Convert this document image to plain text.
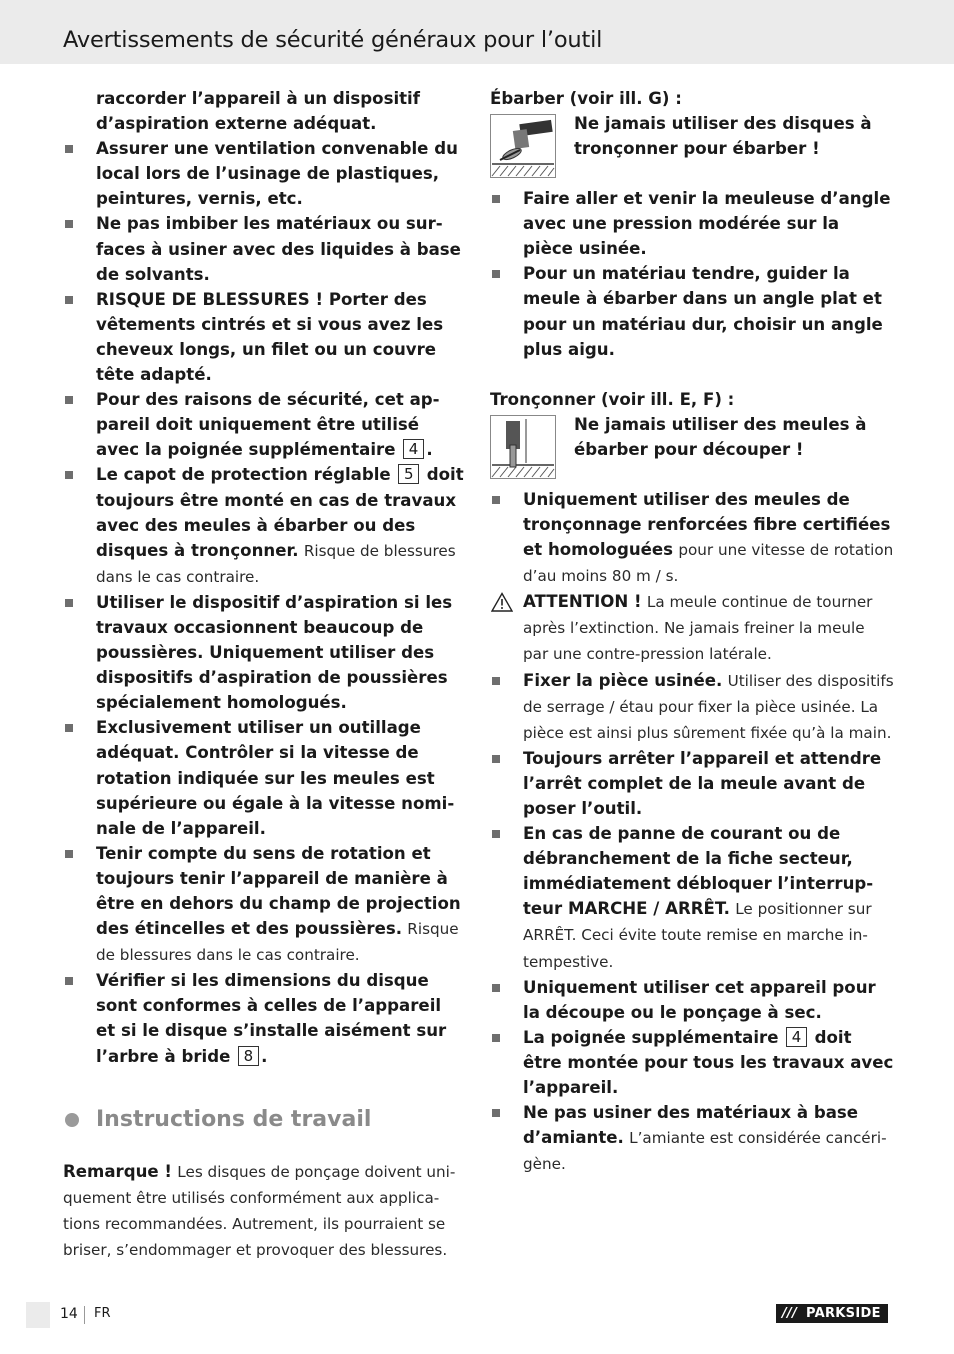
Avertissements de sécurité généraux pour l’outil
raccorder l’appareil à un dispositif d’aspiration externe adéquat.
Assurer une ventilation convenable du local lors de l’usinage de plastiques, peintures, vernis, etc.
Ne pas imbiber les matériaux ou sur-faces à usiner avec des liquides à base de solvants.
RISQUE DE BLESSURES ! Porter des vêtements cintrés et si vous avez les cheveux longs, un filet ou un couvre tête adapté.
Pour des raisons de sécurité, cet ap-pareil doit uniquement être utilisé avec la poignée supplémentaire 4 .
Le capot de protection réglable 5 doit toujours être monté en cas de travaux avec des meules à ébarber ou des disques à tronçonner. Risque de blessures dans le cas contraire.
Utiliser le dispositif d’aspiration si les travaux occasionnent beaucoup de poussières. Uniquement utiliser des dispositifs d’aspiration de poussières spécialement homologués.
Exclusivement utiliser un outillage adéquat. Contrôler si la vitesse de rotation indiquée sur les meules est supérieure ou égale à la vitesse nomi-nale de l’appareil.
Tenir compte du sens de rotation et toujours tenir l’appareil de manière à être en dehors du champ de projection des étincelles et des poussières. Risque de blessures dans le cas contraire.
Vérifier si les dimensions du disque sont conformes à celles de l’appareil et si le disque s’installe aisément sur l’arbre à bride 8 .
Instructions de travail
Remarque ! Les disques de ponçage doivent uni-quement être utilisés conformément aux applica-tions recommandées. Autrement, ils pourraient se briser, s’endommager et provoquer des blessures.
Ébarber (voir ill. G) :
Ne jamais utiliser des disques à tronçonner pour ébarber !
Faire aller et venir la meuleuse d’angle avec une pression modérée sur la pièce usinée.
Pour un matériau tendre, guider la meule à ébarber dans un angle plat et pour un matériau dur, choisir un angle plus aigu.
Tronçonner (voir ill. E, F) :
Ne jamais utiliser des meules à ébarber pour découper !
Uniquement utiliser des meules de tronçonnage renforcées fibre certifiées et homologuées pour une vitesse de rotation d’au moins 80 m / s.
ATTENTION ! La meule continue de tourner après l’extinction. Ne jamais freiner la meule par une contre-pression latérale.
Fixer la pièce usinée. Utiliser des dispositifs de serrage / étau pour fixer la pièce usinée. La pièce est ainsi plus sûrement fixée qu’à la main.
Toujours arrêter l’appareil et attendre l’arrêt complet de la meule avant de poser l’outil.
En cas de panne de courant ou de débranchement de la fiche secteur, immédiatement débloquer l’interrup-teur MARCHE / ARRÊT. Le positionner sur ARRÊT. Ceci évite toute remise en marche in-tempestive.
Uniquement utiliser cet appareil pour la découpe ou le ponçage à sec.
La poignée supplémentaire 4 doit être montée pour tous les travaux avec l’appareil.
Ne pas usiner des matériaux à base d’amiante. L’amiante est considérée cancéri-gène.
14 FR	/// PARKSIDE
